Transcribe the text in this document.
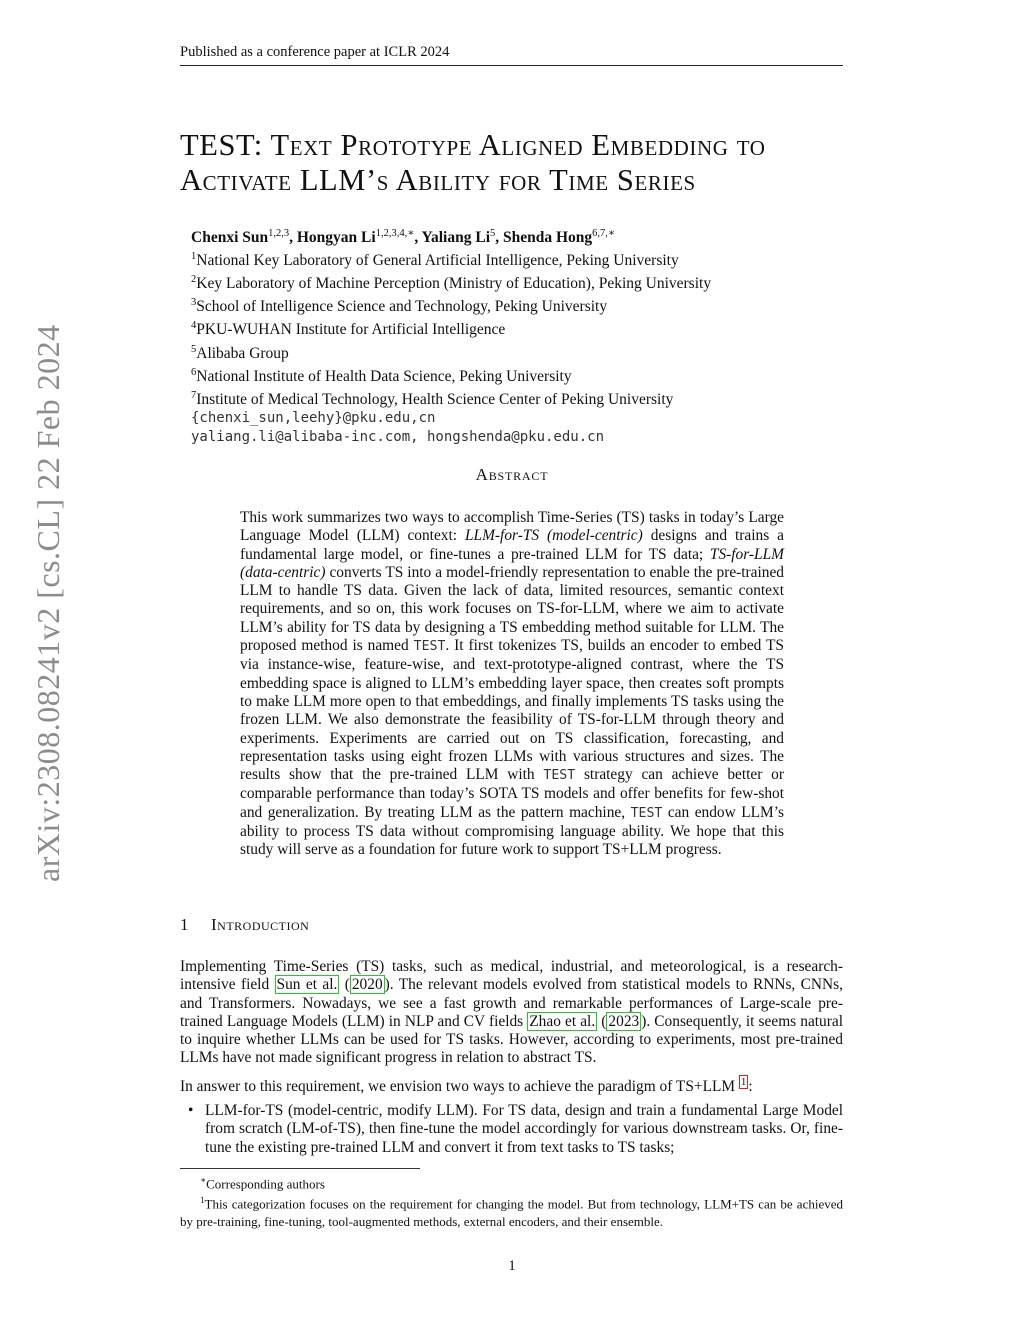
Published as a conference paper at ICLR 2024
arXiv:2308.08241v2 [cs.CL] 22 Feb 2024
TEST: Text Prototype Aligned Embedding to
Activate LLM’s Ability for Time Series
Chenxi Sun$^{1,2,3}$, Hongyan $Li^{1,2,3,4,∗}$, Yaliang Li$^5$, Shenda Hong$^{6,7,∗}$
$^1$National Key Laboratory of General Artificial Intelligence, Peking University
$^2$Key Laboratory of Machine Perception (Ministry of Education), Peking University
$^3$School of Intelligence Science and Technology, Peking University
$^4$PKU-WUHAN Institute for Artificial Intelligence
$^5$Alibaba Group
$^6$National Institute of Health Data Science, Peking University
$^7$Institute of Medical Technology, Health Science Center of Peking University
{chenxi_sun,leehy}@pku.edu,cn
yaliang.li@alibaba-inc.com, hongshenda@pku.edu.cn
Abstract
This work summarizes two ways to accomplish Time-Series (TS) tasks in today’s Large Language Model (LLM) context: LLM-for-TS (model-centric) designs and trains a fundamental large model, or fine-tunes a pre-trained LLM for TS data; TS-for-LLM (data-centric) converts TS into a model-friendly representation to enable the pre-trained LLM to handle TS data. Given the lack of data, limited resources, semantic context requirements, and so on, this work focuses on TS-for-LLM, where we aim to activate LLM’s ability for TS data by designing a TS embedding method suitable for LLM. The proposed method is named TEST. It first tokenizes TS, builds an encoder to embed TS via instance-wise, feature-wise, and text-prototype-aligned contrast, where the TS embedding space is aligned to LLM’s embedding layer space, then creates soft prompts to make LLM more open to that embeddings, and finally implements TS tasks using the frozen LLM. We also demonstrate the feasibility of TS-for-LLM through theory and experiments. Experiments are carried out on TS classification, forecasting, and representation tasks using eight frozen LLMs with various structures and sizes. The results show that the pre-trained LLM with TEST strategy can achieve better or comparable performance than today’s SOTA TS models and offer benefits for few-shot and generalization. By treating LLM as the pattern machine, TEST can endow LLM’s ability to process TS data without compromising language ability. We hope that this study will serve as a foundation for future work to support TS+LLM progress.
1 Introduction
Implementing Time-Series (TS) tasks, such as medical, industrial, and meteorological, is a research-intensive field Sun et al. ( 2020 ). The relevant models evolved from statistical models to RNNs, CNNs, and Transformers. Nowadays, we see a fast growth and remarkable performances of Large-scale pre-trained Language Models (LLM) in NLP and CV fields Zhao et al. ( 2023 ). Consequently, it seems natural to inquire whether LLMs can be used for TS tasks. However, according to experiments, most pre-trained LLMs have not made significant progress in relation to abstract TS.
In answer to this requirement, we envision two ways to achieve the paradigm of TS+LLM $^1$ :
• LLM-for-TS (model-centric, modify LLM). For TS data, design and train a fundamental Large Model from scratch (LM-of-TS), then fine-tune the model accordingly for various downstream tasks. Or, fine-tune the existing pre-trained LLM and convert it from text tasks to TS tasks;
∗Corresponding authors
$^1$This categorization focuses on the requirement for changing the model. But from technology, LLM+TS can be achieved by pre-training, fine-tuning, tool-augmented methods, external encoders, and their ensemble.
1
